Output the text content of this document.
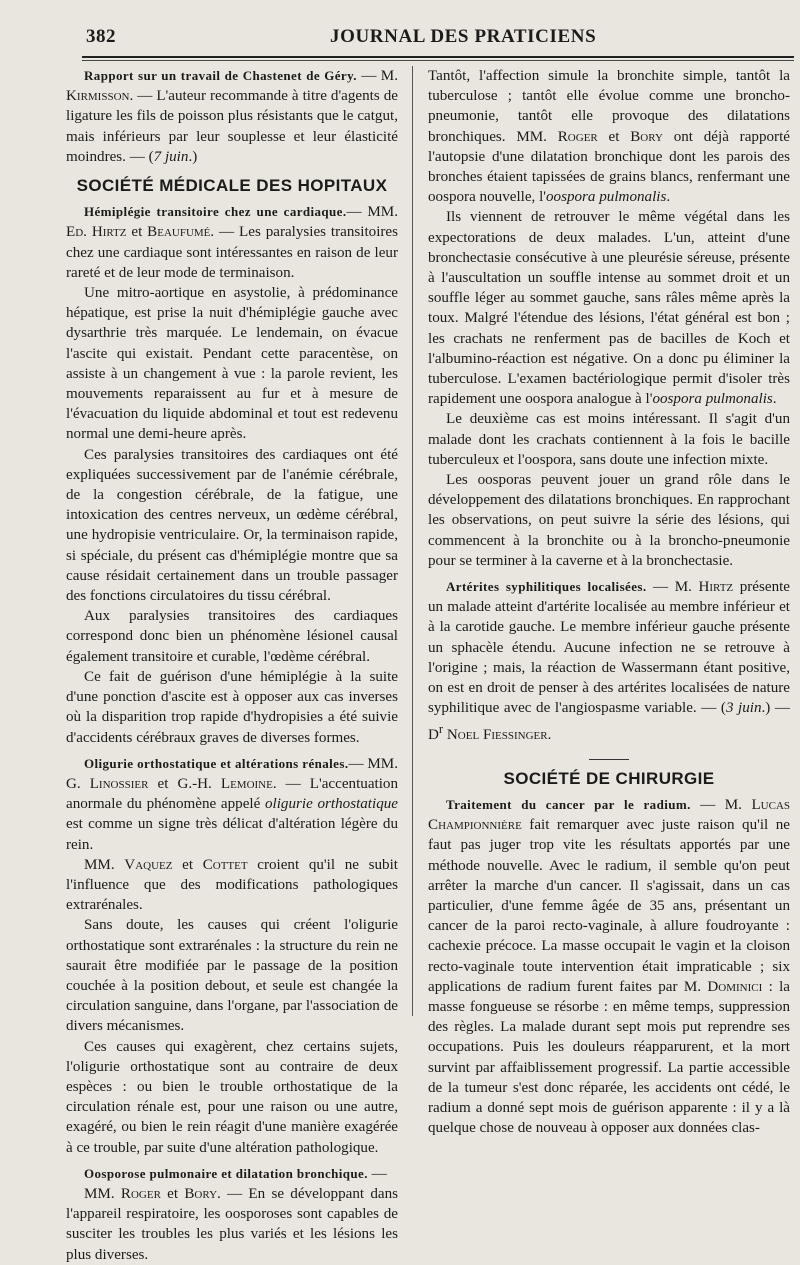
382	JOURNAL DES PRATICIENS

Rapport sur un travail de Chastenet de Géry. — M. Kirmisson. — L'auteur recommande à titre d'agents de ligature les fils de poisson plus résistants que le catgut, mais inférieurs par leur souplesse et leur élasticité moindres. — (7 juin.)

SOCIÉTÉ MÉDICALE DES HOPITAUX

Hémiplégie transitoire chez une cardiaque.— MM. Ed. Hirtz et Beaufumé. — Les paralysies transitoires chez une cardiaque sont intéressantes en raison de leur rareté et de leur mode de terminaison.

Une mitro-aortique en asystolie, à prédominance hépatique, est prise la nuit d'hémiplégie gauche avec dysarthrie très marquée. Le lendemain, on évacue l'ascite qui existait. Pendant cette paracentèse, on assiste à un changement à vue : la parole revient, les mouvements reparaissent au fur et à mesure de l'évacuation du liquide abdominal et tout est redevenu normal une demi-heure après.

Ces paralysies transitoires des cardiaques ont été expliquées successivement par de l'anémie cérébrale, de la congestion cérébrale, de la fatigue, une intoxication des centres nerveux, un œdème cérébral, une hydropisie ventriculaire. Or, la terminaison rapide, si spéciale, du présent cas d'hémiplégie montre que sa cause résidait certainement dans un trouble passager des fonctions circulatoires du tissu cérébral.

Aux paralysies transitoires des cardiaques correspond donc bien un phénomène lésionel causal également transitoire et curable, l'œdème cérébral.

Ce fait de guérison d'une hémiplégie à la suite d'une ponction d'ascite est à opposer aux cas inverses où la disparition trop rapide d'hydropisies a été suivie d'accidents cérébraux graves de diverses formes.

Oligurie orthostatique et altérations rénales.— MM. G. Linossier et G.-H. Lemoine. — L'accentuation anormale du phénomène appelé oligurie orthostatique est comme un signe très délicat d'altération légère du rein.

MM. Vaquez et Cottet croient qu'il ne subit l'influence que des modifications pathologiques extrarénales.

Sans doute, les causes qui créent l'oligurie orthostatique sont extrarénales : la structure du rein ne saurait être modifiée par le passage de la position couchée à la position debout, et seule est changée la circulation sanguine, dans l'organe, par l'association de divers mécanismes.

Ces causes qui exagèrent, chez certains sujets, l'oligurie orthostatique sont au contraire de deux espèces : ou bien le trouble orthostatique de la circulation rénale est, pour une raison ou une autre, exagéré, ou bien le rein réagit d'une manière exagérée à ce trouble, par suite d'une altération pathologique.

Oosporose pulmonaire et dilatation bronchique. —

MM. Roger et Bory. — En se développant dans l'appareil respiratoire, les oosporoses sont capables de susciter les troubles les plus variés et les lésions les plus diverses.

Tantôt, l'affection simule la bronchite simple, tantôt la tuberculose ; tantôt elle évolue comme une broncho-pneumonie, tantôt elle provoque des dilatations bronchiques. MM. Roger et Bory ont déjà rapporté l'autopsie d'une dilatation bronchique dont les parois des bronches étaient tapissées de grains blancs, renfermant une oospora nouvelle, l'oospora pulmonalis.

Ils viennent de retrouver le même végétal dans les expectorations de deux malades. L'un, atteint d'une bronchectasie consécutive à une pleurésie séreuse, présente à l'auscultation un souffle intense au sommet droit et un souffle léger au sommet gauche, sans râles même après la toux. Malgré l'étendue des lésions, l'état général est bon ; les crachats ne renferment pas de bacilles de Koch et l'albumino-réaction est négative. On a donc pu éliminer la tuberculose. L'examen bactériologique permit d'isoler très rapidement une oospora analogue à l'oospora pulmonalis.

Le deuxième cas est moins intéressant. Il s'agit d'un malade dont les crachats contiennent à la fois le bacille tuberculeux et l'oospora, sans doute une infection mixte.

Les oosporas peuvent jouer un grand rôle dans le développement des dilatations bronchiques. En rapprochant les observations, on peut suivre la série des lésions, qui commencent à la bronchite ou à la broncho-pneumonie pour se terminer à la caverne et à la bronchectasie.

Artérites syphilitiques localisées. — M. Hirtz présente un malade atteint d'artérite localisée au membre inférieur et à la carotide gauche. Le membre inférieur gauche présente un sphacèle étendu. Aucune infection ne se retrouve à l'origine ; mais, la réaction de Wassermann étant positive, on est en droit de penser à des artérites localisées de nature syphilitique avec de l'angiospasme variable. — (3 juin.) — $D^r$ Noel Fiessinger.

SOCIÉTÉ DE CHIRURGIE

Traitement du cancer par le radium. — M. Lucas Championnière fait remarquer avec juste raison qu'il ne faut pas juger trop vite les résultats apportés par une méthode nouvelle. Avec le radium, il semble qu'on peut arrêter la marche d'un cancer. Il s'agissait, dans un cas particulier, d'une femme âgée de 35 ans, présentant un cancer de la paroi recto-vaginale, à allure foudroyante : cachexie précoce. La masse occupait le vagin et la cloison recto-vaginale toute intervention était impraticable ; six applications de radium furent faites par M. Dominici : la masse fongueuse se résorbe : en même temps, suppression des règles. La malade durant sept mois put reprendre ses occupations. Puis les douleurs réapparurent, et la mort survint par affaiblissement progressif. La partie accessible de la tumeur s'est donc réparée, les accidents ont cédé, le radium a donné sept mois de guérison apparente : il y a là quelque chose de nouveau à opposer aux données clas-
